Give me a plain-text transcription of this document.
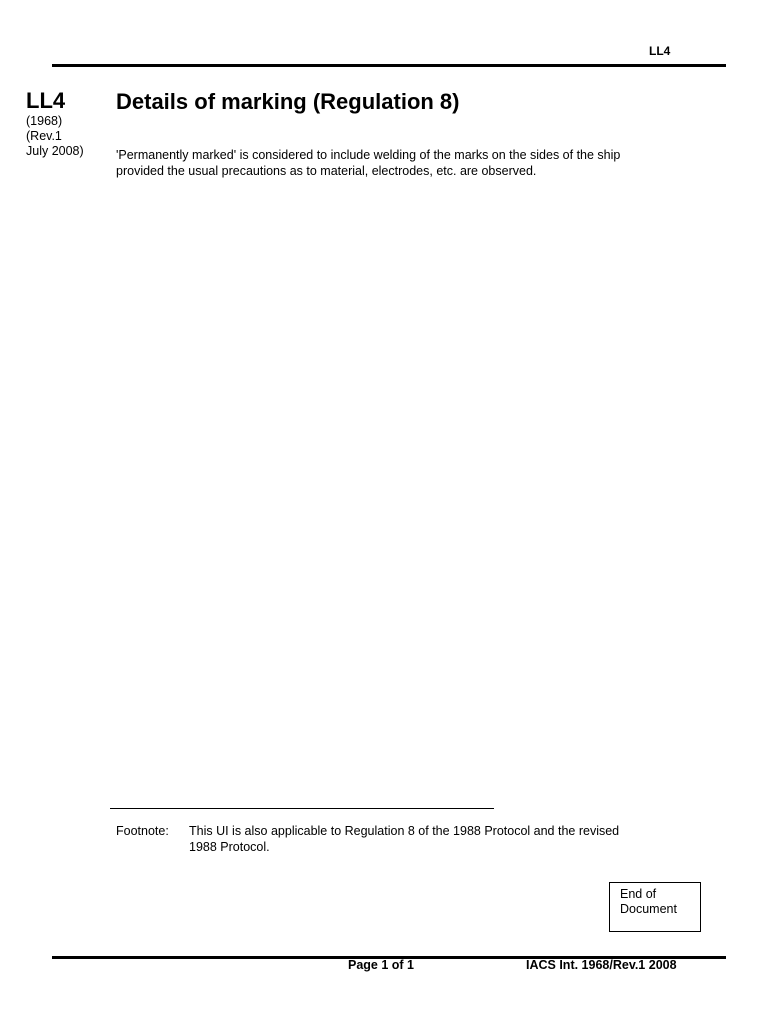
LL4
LL4
(1968)
(Rev.1
July 2008)
Details of marking (Regulation 8)
'Permanently marked' is considered to include welding of the marks on the sides of the ship
provided the usual precautions as to material, electrodes, etc. are observed.
Footnote: This UI is also applicable to Regulation 8 of the 1988 Protocol and the revised
1988 Protocol.
End of
Document
Page 1 of 1	IACS Int. 1968/Rev.1 2008
